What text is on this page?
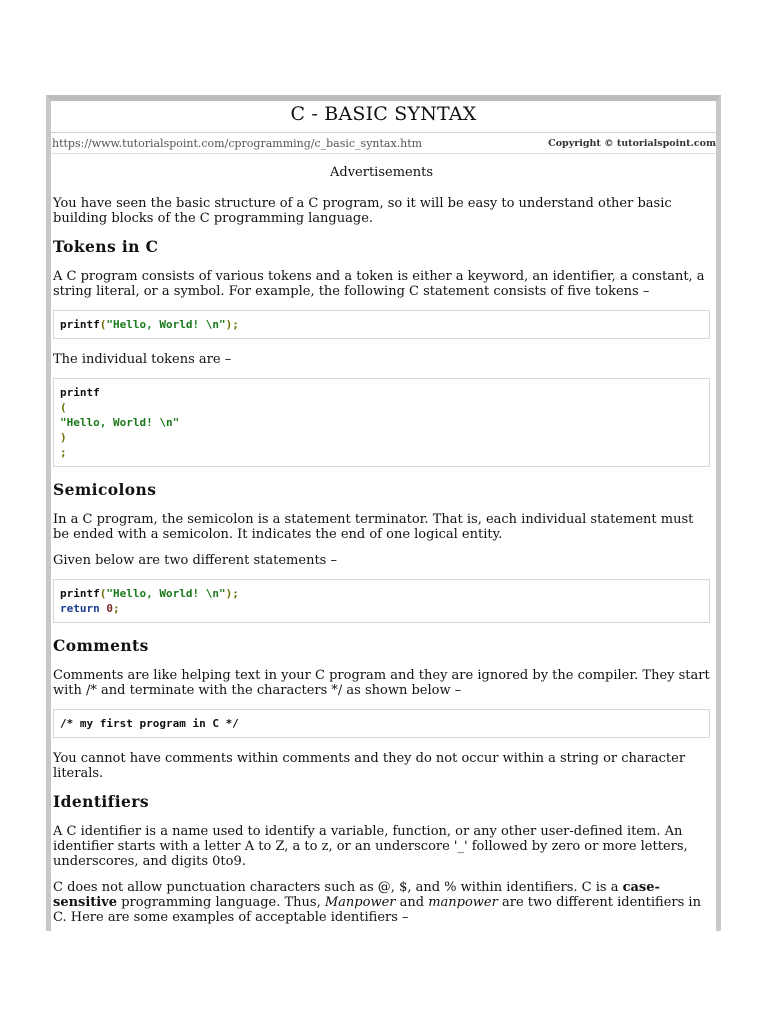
C - BASIC SYNTAX
https://www.tutorialspoint.com/cprogramming/c_basic_syntax.htm	Copyright © tutorialspoint.com
Advertisements

You have seen the basic structure of a C program, so it will be easy to understand other basic building blocks of the C programming language.

Tokens in C

A C program consists of various tokens and a token is either a keyword, an identifier, a constant, a string literal, or a symbol. For example, the following C statement consists of five tokens –

printf("Hello, World! \n");

The individual tokens are –

printf
(
"Hello, World! \n"
)
;
Semicolons

In a C program, the semicolon is a statement terminator. That is, each individual statement must be ended with a semicolon. It indicates the end of one logical entity.

Given below are two different statements –

printf("Hello, World! \n");
return 0;
Comments

Comments are like helping text in your C program and they are ignored by the compiler. They start with /* and terminate with the characters */ as shown below –

/* my first program in C */

You cannot have comments within comments and they do not occur within a string or character literals.

Identifiers

A C identifier is a name used to identify a variable, function, or any other user-defined item. An identifier starts with a letter A to Z, a to z, or an underscore '_' followed by zero or more letters, underscores, and digits 0to9.

C does not allow punctuation characters such as @, $, and % within identifiers. C is a case-sensitive programming language. Thus, Manpower and manpower are two different identifiers in C. Here are some examples of acceptable identifiers –
